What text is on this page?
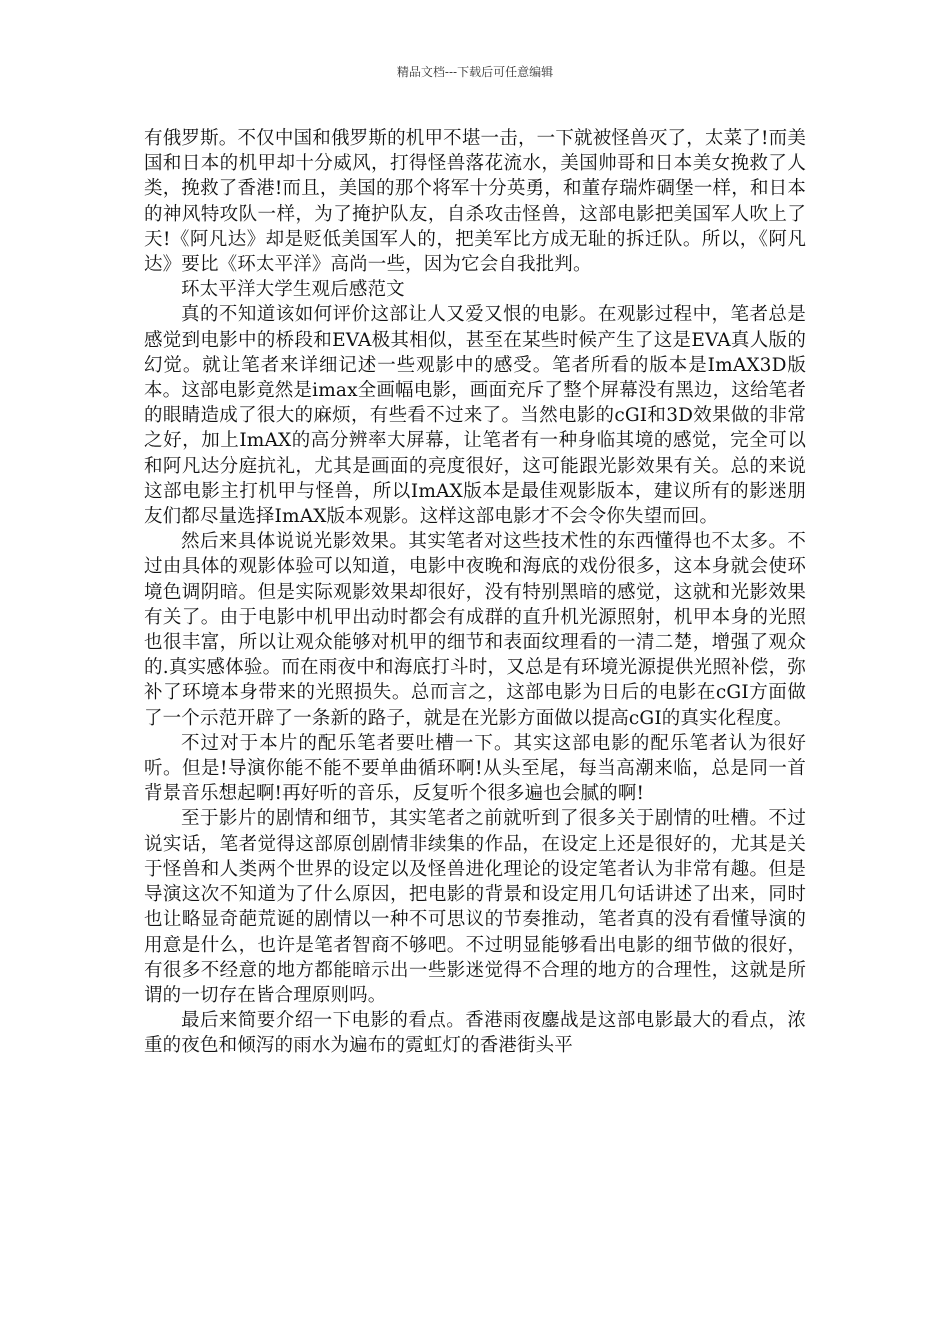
精品文档---下载后可任意编辑

有俄罗斯。不仅中国和俄罗斯的机甲不堪一击，一下就被怪兽灭了，太菜了!而美国和日本的机甲却十分威风，打得怪兽落花流水，美国帅哥和日本美女挽救了人类，挽救了香港!而且，美国的那个将军十分英勇，和董存瑞炸碉堡一样，和日本的神风特攻队一样，为了掩护队友，自杀攻击怪兽，这部电影把美国军人吹上了天!《阿凡达》却是贬低美国军人的，把美军比方成无耻的拆迁队。所以，《阿凡达》要比《环太平洋》高尚一些，因为它会自我批判。

环太平洋大学生观后感范文

真的不知道该如何评价这部让人又爱又恨的电影。在观影过程中，笔者总是感觉到电影中的桥段和EVA极其相似，甚至在某些时候产生了这是EVA真人版的幻觉。就让笔者来详细记述一些观影中的感受。笔者所看的版本是ImAX3D版本。这部电影竟然是imax全画幅电影，画面充斥了整个屏幕没有黑边，这给笔者的眼睛造成了很大的麻烦，有些看不过来了。当然电影的cGI和3D效果做的非常之好，加上ImAX的高分辨率大屏幕，让笔者有一种身临其境的感觉，完全可以和阿凡达分庭抗礼，尤其是画面的亮度很好，这可能跟光影效果有关。总的来说这部电影主打机甲与怪兽，所以ImAX版本是最佳观影版本，建议所有的影迷朋友们都尽量选择ImAX版本观影。这样这部电影才不会令你失望而回。

然后来具体说说光影效果。其实笔者对这些技术性的东西懂得也不太多。不过由具体的观影体验可以知道，电影中夜晚和海底的戏份很多，这本身就会使环境色调阴暗。但是实际观影效果却很好，没有特别黑暗的感觉，这就和光影效果有关了。由于电影中机甲出动时都会有成群的直升机光源照射，机甲本身的光照也很丰富，所以让观众能够对机甲的细节和表面纹理看的一清二楚，增强了观众的.真实感体验。而在雨夜中和海底打斗时，又总是有环境光源提供光照补偿，弥补了环境本身带来的光照损失。总而言之，这部电影为日后的电影在cGI方面做了一个示范开辟了一条新的路子，就是在光影方面做以提高cGI的真实化程度。

不过对于本片的配乐笔者要吐槽一下。其实这部电影的配乐笔者认为很好听。但是!导演你能不能不要单曲循环啊!从头至尾，每当高潮来临，总是同一首背景音乐想起啊!再好听的音乐，反复听个很多遍也会腻的啊!

至于影片的剧情和细节，其实笔者之前就听到了很多关于剧情的吐槽。不过说实话，笔者觉得这部原创剧情非续集的作品，在设定上还是很好的，尤其是关于怪兽和人类两个世界的设定以及怪兽进化理论的设定笔者认为非常有趣。但是导演这次不知道为了什么原因，把电影的背景和设定用几句话讲述了出来，同时也让略显奇葩荒诞的剧情以一种不可思议的节奏推动，笔者真的没有看懂导演的用意是什么，也许是笔者智商不够吧。不过明显能够看出电影的细节做的很好，有很多不经意的地方都能暗示出一些影迷觉得不合理的地方的合理性，这就是所谓的一切存在皆合理原则吗。

最后来简要介绍一下电影的看点。香港雨夜鏖战是这部电影最大的看点，浓重的夜色和倾泻的雨水为遍布的霓虹灯的香港街头平
